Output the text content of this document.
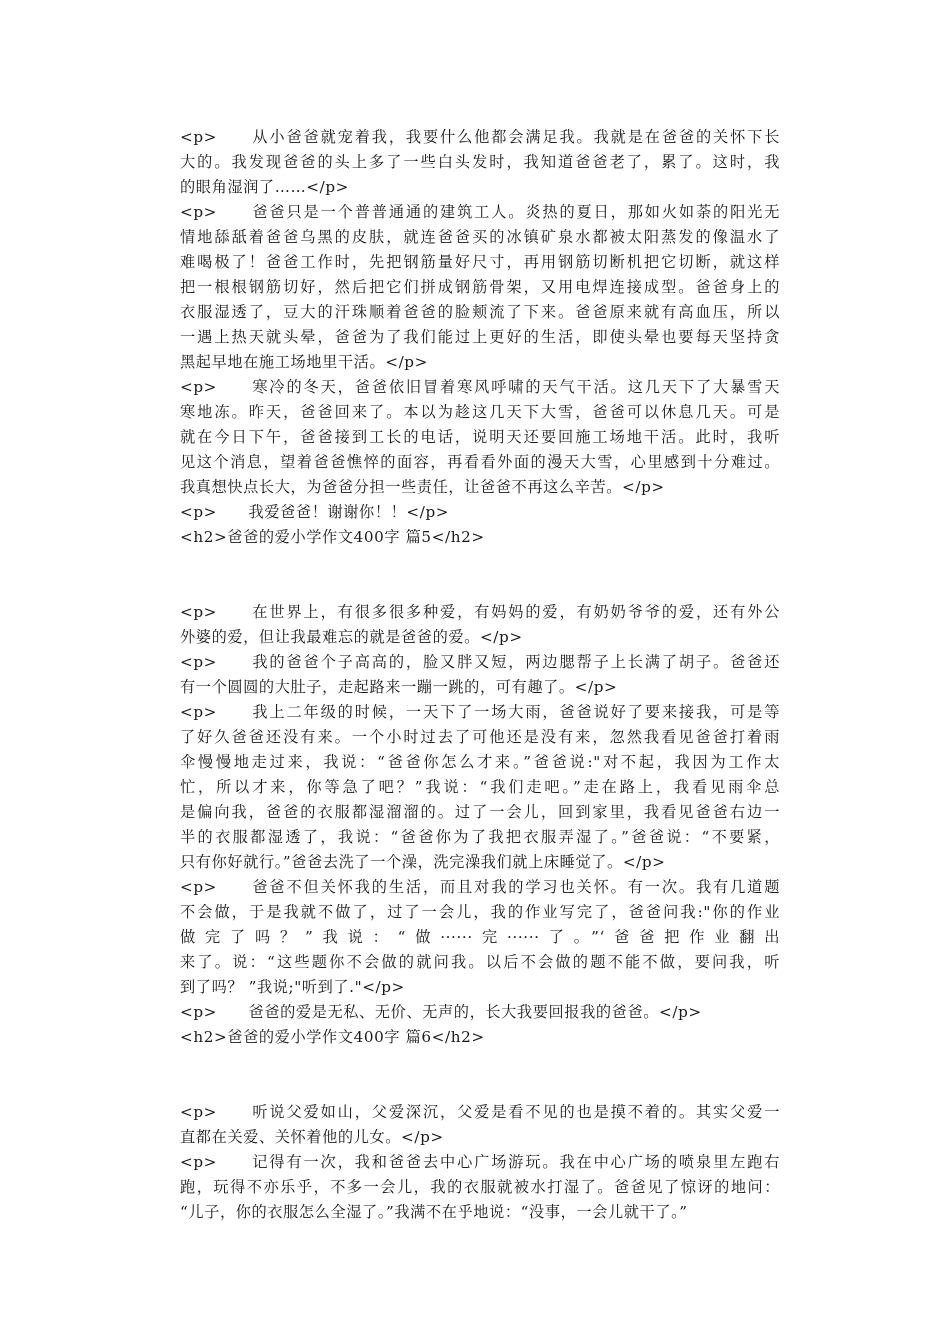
<p>　　从小爸爸就宠着我，我要什么他都会满足我。我就是在爸爸的关怀下长
大的。我发现爸爸的头上多了一些白头发时，我知道爸爸老了，累了。这时，我
的眼角湿润了……</p>
<p>　　爸爸只是一个普普通通的建筑工人。炎热的夏日，那如火如荼的阳光无
情地舔舐着爸爸乌黑的皮肤，就连爸爸买的冰镇矿泉水都被太阳蒸发的像温水了
难喝极了！爸爸工作时，先把钢筋量好尺寸，再用钢筋切断机把它切断，就这样
把一根根钢筋切好，然后把它们拼成钢筋骨架，又用电焊连接成型。爸爸身上的
衣服湿透了，豆大的汗珠顺着爸爸的脸颊流了下来。爸爸原来就有高血压，所以
一遇上热天就头晕，爸爸为了我们能过上更好的生活，即使头晕也要每天坚持贪
黑起早地在施工场地里干活。</p>
<p>　　寒冷的冬天，爸爸依旧冒着寒风呼啸的天气干活。这几天下了大暴雪天
寒地冻。昨天，爸爸回来了。本以为趁这几天下大雪，爸爸可以休息几天。可是
就在今日下午，爸爸接到工长的电话，说明天还要回施工场地干活。此时，我听
见这个消息，望着爸爸憔悴的面容，再看看外面的漫天大雪，心里感到十分难过。
我真想快点长大，为爸爸分担一些责任，让爸爸不再这么辛苦。</p>
<p>　　我爱爸爸！谢谢你！！</p>
<h2>爸爸的爱小学作文400字 篇5</h2>
<p>　　在世界上，有很多很多种爱，有妈妈的爱，有奶奶爷爷的爱，还有外公
外婆的爱，但让我最难忘的就是爸爸的爱。</p>
<p>　　我的爸爸个子高高的，脸又胖又短，两边腮帮子上长满了胡子。爸爸还
有一个圆圆的大肚子，走起路来一蹦一跳的，可有趣了。</p>
<p>　　我上二年级的时候，一天下了一场大雨，爸爸说好了要来接我，可是等
了好久爸爸还没有来。一个小时过去了可他还是没有来，忽然我看见爸爸打着雨
伞慢慢地走过来，我说：“爸爸你怎么才来。”爸爸说:"对不起，我因为工作太
忙，所以才来，你等急了吧？”我说：“我们走吧。”走在路上，我看见雨伞总
是偏向我，爸爸的衣服都湿溜溜的。过了一会儿，回到家里，我看见爸爸右边一
半的衣服都湿透了，我说：“爸爸你为了我把衣服弄湿了。”爸爸说：“不要紧，
只有你好就行。”爸爸去洗了一个澡，洗完澡我们就上床睡觉了。</p>
<p>　　爸爸不但关怀我的生活，而且对我的学习也关怀。有一次。我有几道题
不会做，于是我就不做了，过了一会儿，我的作业写完了，爸爸问我:"你的作业
做完了吗？”我说：“做······完······了。”‘爸爸把作业翻出
来了。说：“这些题你不会做的就问我。以后不会做的题不能不做，要问我，听
到了吗？ ”我说;"听到了."</p>
<p>　　爸爸的爱是无私、无价、无声的，长大我要回报我的爸爸。</p>
<h2>爸爸的爱小学作文400字 篇6</h2>
<p>　　听说父爱如山，父爱深沉，父爱是看不见的也是摸不着的。其实父爱一
直都在关爱、关怀着他的儿女。</p>
<p>　　记得有一次，我和爸爸去中心广场游玩。我在中心广场的喷泉里左跑右
跑，玩得不亦乐乎，不多一会儿，我的衣服就被水打湿了。爸爸见了惊讶的地问：
“儿子，你的衣服怎么全湿了。”我满不在乎地说：“没事，一会儿就干了。”
